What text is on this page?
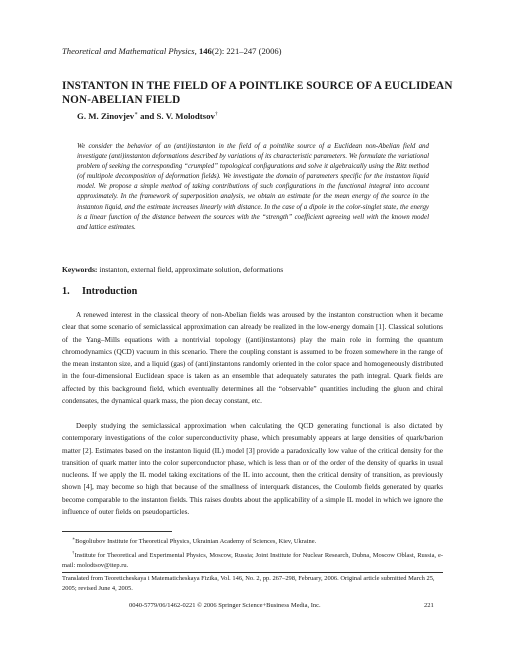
Theoretical and Mathematical Physics, 146(2): 221–247 (2006)
INSTANTON IN THE FIELD OF A POINTLIKE SOURCE OF A EUCLIDEAN NON-ABELIAN FIELD
G. M. Zinovjev∗ and S. V. Molodtsov†
We consider the behavior of an (anti)instanton in the field of a pointlike source of a Euclidean non-Abelian field and investigate (anti)instanton deformations described by variations of its characteristic parameters. We formulate the variational problem of seeking the corresponding “crumpled” topological configurations and solve it algebraically using the Ritz method (of multipole decomposition of deformation fields). We investigate the domain of parameters specific for the instanton liquid model. We propose a simple method of taking contributions of such configurations in the functional integral into account approximately. In the framework of superposition analysis, we obtain an estimate for the mean energy of the source in the instanton liquid, and the estimate increases linearly with distance. In the case of a dipole in the color-singlet state, the energy is a linear function of the distance between the sources with the “strength” coefficient agreeing well with the known model and lattice estimates.
Keywords: instanton, external field, approximate solution, deformations
1. Introduction

A renewed interest in the classical theory of non-Abelian fields was aroused by the instanton construction when it became clear that some scenario of semiclassical approximation can already be realized in the low-energy domain [1]. Classical solutions of the Yang–Mills equations with a nontrivial topology ((anti)instantons) play the main role in forming the quantum chromodynamics (QCD) vacuum in this scenario. There the coupling constant is assumed to be frozen somewhere in the range of the mean instanton size, and a liquid (gas) of (anti)instantons randomly oriented in the color space and homogeneously distributed in the four-dimensional Euclidean space is taken as an ensemble that adequately saturates the path integral. Quark fields are affected by this background field, which eventually determines all the “observable” quantities including the gluon and chiral condensates, the dynamical quark mass, the pion decay constant, etc.

Deeply studying the semiclassical approximation when calculating the QCD generating functional is also dictated by contemporary investigations of the color superconductivity phase, which presumably appears at large densities of quark/barion matter [2]. Estimates based on the instanton liquid (IL) model [3] provide a paradoxically low value of the critical density for the transition of quark matter into the color superconductor phase, which is less than or of the order of the density of quarks in usual nucleons. If we apply the IL model taking excitations of the IL into account, then the critical density of transition, as previously shown [4], may become so high that because of the smallness of interquark distances, the Coulomb fields generated by quarks become comparable to the instanton fields. This raises doubts about the applicability of a simple IL model in which we ignore the influence of outer fields on pseudoparticles.

∗Bogoliubov Institute for Theoretical Physics, Ukrainian Academy of Sciences, Kiev, Ukraine.

†Institute for Theoretical and Experimental Physics, Moscow, Russia; Joint Institute for Nuclear Research, Dubna, Moscow Oblast, Russia, e-mail: molodtsov@itep.ru.

Translated from Teoreticheskaya i Matematicheskaya Fizika, Vol. 146, No. 2, pp. 267–298, February, 2006. Original article submitted March 25, 2005; revised June 4, 2005.
0040-5779/06/1462-0221 © 2006 Springer Science+Business Media, Inc.	221
